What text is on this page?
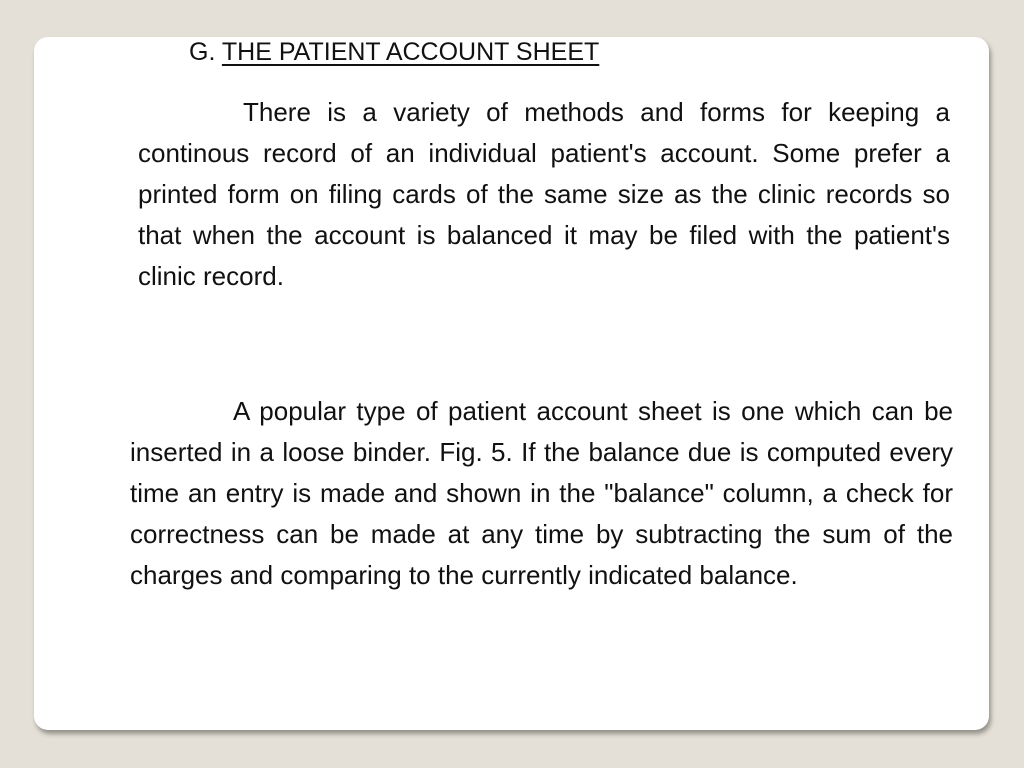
G. THE PATIENT ACCOUNT SHEET

There is a variety of methods and forms for keeping a continous record of an individual patient's account. Some prefer a printed form on filing cards of the same size as the clinic records so that when the account is balanced it may be filed with the patient's clinic record.

A popular type of patient account sheet is one which can be inserted in a loose binder. Fig. 5. If the balance due is computed every time an entry is made and shown in the "balance" column, a check for correctness can be made at any time by subtracting the sum of the charges and comparing to the currently indicated balance.
